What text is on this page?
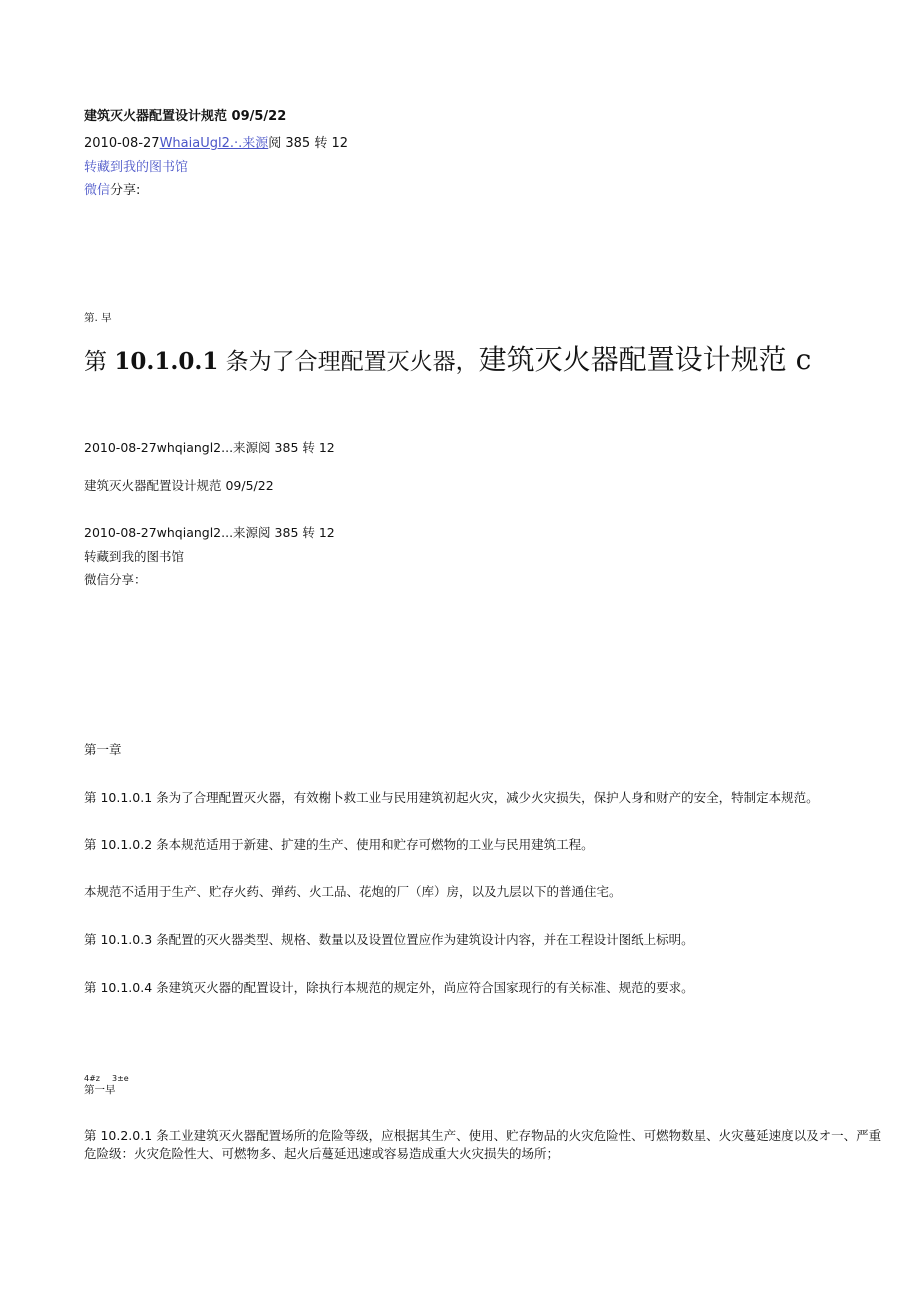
建筑灭火器配置设计规范 09/5/22
2010-08-27WhaiaUgl2.·.来源阅 385 转 12
转藏到我的图书馆
微信分享:
第. 早
第 10.1.0.1 条为了合理配置灭火器，建筑灭火器配置设计规范 c
2010-08-27whqiangl2...来源阅 385 转 12
建筑灭火器配置设计规范 09/5/22
2010-08-27whqiangl2...来源阅 385 转 12
转藏到我的图书馆
微信分享：
第一章
第 10.1.0.1 条为了合理配置灭火器，有效榭卜救工业与民用建筑初起火灾，减少火灾损失，保护人身和财产的安全，特制定本规范。
第 10.1.0.2 条本规范适用于新建、扩建的生产、使用和贮存可燃物的工业与民用建筑工程。
本规范不适用于生产、贮存火药、弹药、火工品、花炮的厂（库）房，以及九层以下的普通住宅。
第 10.1.0.3 条配置的灭火器类型、规格、数量以及设置位置应作为建筑设计内容，并在工程设计图纸上标明。
第 10.1.0.4 条建筑灭火器的配置设计，除执行本规范的规定外，尚应符合国家现行的有关标准、规范的要求。
4#z 3±e
第一早
第 10.2.0.1 条工业建筑灭火器配置场所的危险等级，应根据其生产、使用、贮存物品的火灾危险性、可燃物数星、火灾蔓延速度以及オ一、严重
危险级：火灾危险性大、可燃物多、起火后蔓延迅速或容易造成重大火灾损失的场所；
